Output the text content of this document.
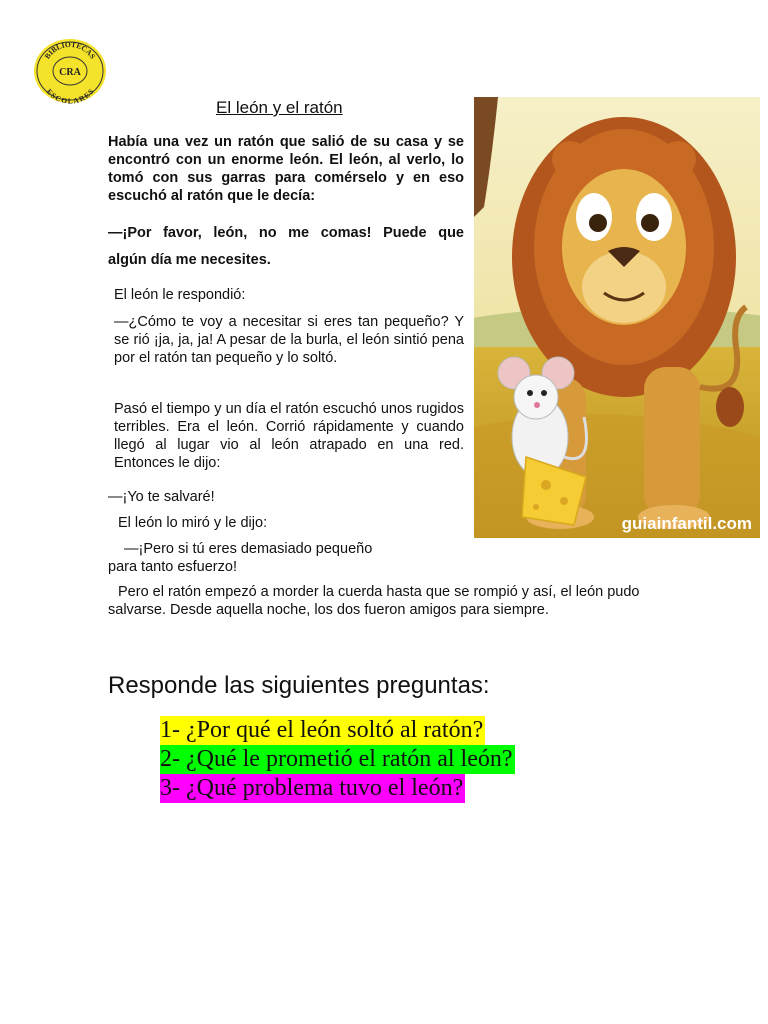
BIBLIOTECAS
ESCOLARES
CRA
El león y el ratón

Había una vez un ratón que salió de su casa y se encontró con un enorme león. El león, al verlo, lo tomó con sus garras para comérselo y en eso escuchó al ratón que le decía:

—¡Por favor, león, no me comas! Puede que

algún día me necesites.

El león le respondió:

—¿Cómo te voy a necesitar si eres tan pequeño? Y se rió ¡ja, ja, ja! A pesar de la burla, el león sintió pena por el ratón tan pequeño y lo soltó.

Pasó el tiempo y un día el ratón escuchó unos rugidos terribles. Era el león. Corrió rápidamente y cuando llegó al lugar vio al león atrapado en una red. Entonces le dijo:

—¡Yo te salvaré!

El león lo miró y le dijo:

—¡Pero si tú eres demasiado pequeño

para tanto esfuerzo!

Pero el ratón empezó a morder la cuerda hasta que se rompió y así, el león pudo salvarse. Desde aquella noche, los dos fueron amigos para siempre.

guiainfantil.com
Responde las siguientes preguntas:
1- ¿Por qué el león soltó al ratón?
2- ¿Qué le prometió el ratón al león?
3- ¿Qué problema tuvo el león?
